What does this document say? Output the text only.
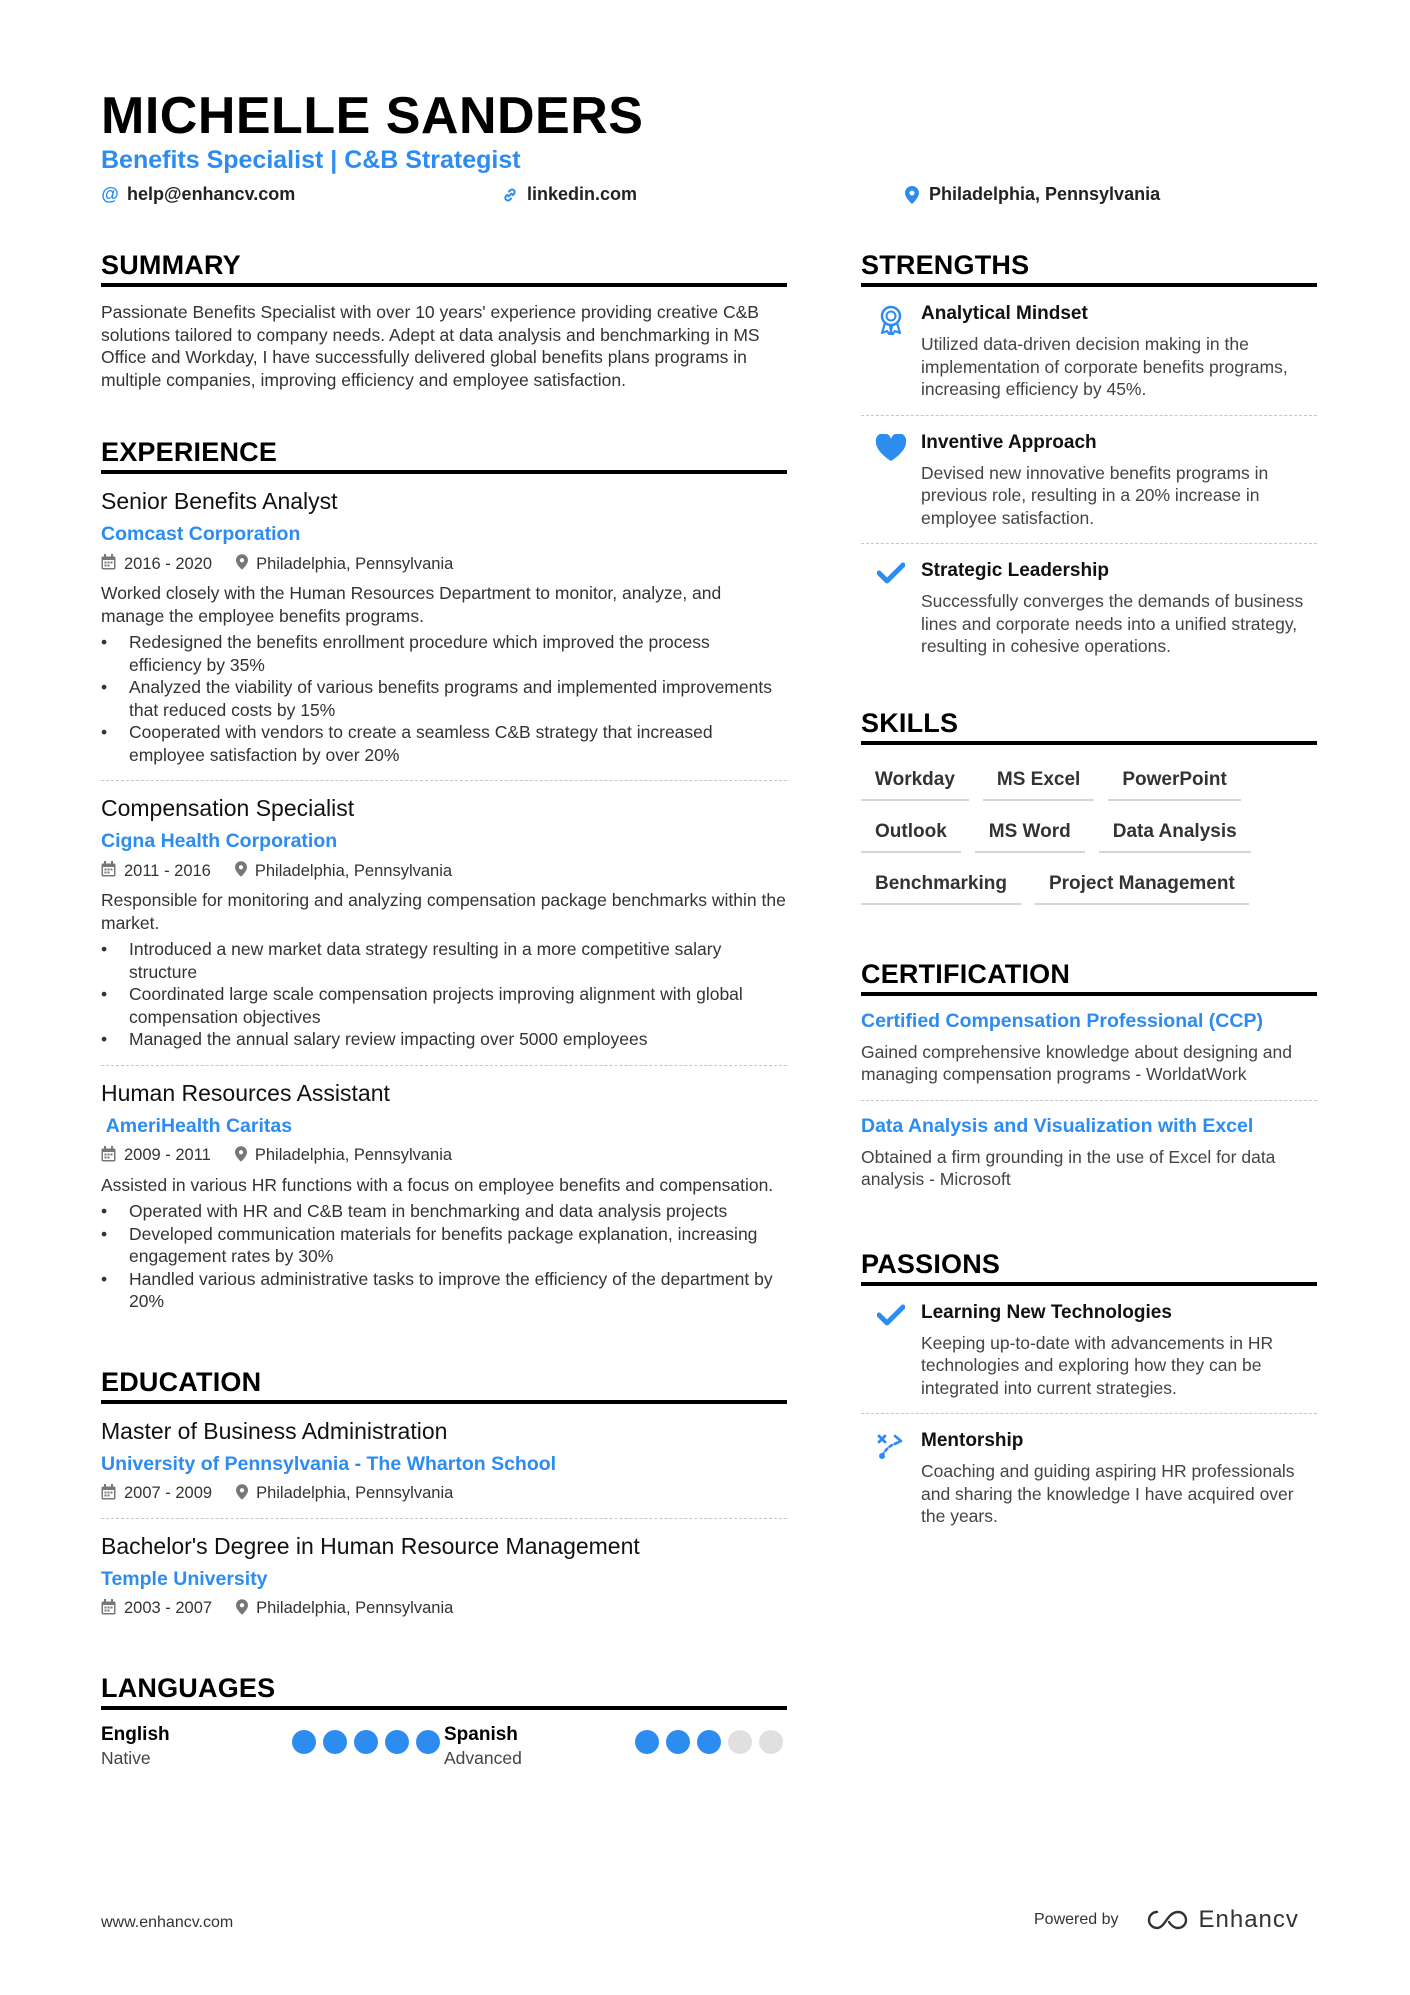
MICHELLE SANDERS
Benefits Specialist | C&B Strategist
@ help@enhancv.com	linkedin.com	Philadelphia, Pennsylvania
SUMMARY
Passionate Benefits Specialist with over 10 years' experience providing creative C&B solutions tailored to company needs. Adept at data analysis and benchmarking in MS Office and Workday, I have successfully delivered global benefits plans programs in multiple companies, improving efficiency and employee satisfaction.
EXPERIENCE
Senior Benefits Analyst
Comcast Corporation
2016 - 2020	Philadelphia, Pennsylvania
Worked closely with the Human Resources Department to monitor, analyze, and manage the employee benefits programs.
• Redesigned the benefits enrollment procedure which improved the process efficiency by 35%
• Analyzed the viability of various benefits programs and implemented improvements that reduced costs by 15%
• Cooperated with vendors to create a seamless C&B strategy that increased employee satisfaction by over 20%
Compensation Specialist
Cigna Health Corporation
2011 - 2016	Philadelphia, Pennsylvania
Responsible for monitoring and analyzing compensation package benchmarks within the market.
• Introduced a new market data strategy resulting in a more competitive salary structure
• Coordinated large scale compensation projects improving alignment with global compensation objectives
• Managed the annual salary review impacting over 5000 employees
Human Resources Assistant
AmeriHealth Caritas
2009 - 2011	Philadelphia, Pennsylvania
Assisted in various HR functions with a focus on employee benefits and compensation.
• Operated with HR and C&B team in benchmarking and data analysis projects
• Developed communication materials for benefits package explanation, increasing engagement rates by 30%
• Handled various administrative tasks to improve the efficiency of the department by 20%
EDUCATION
Master of Business Administration
University of Pennsylvania - The Wharton School
2007 - 2009	Philadelphia, Pennsylvania
Bachelor's Degree in Human Resource Management
Temple University
2003 - 2007	Philadelphia, Pennsylvania
LANGUAGES
English
Native
Spanish
Advanced
STRENGTHS
Analytical Mindset
Utilized data-driven decision making in the implementation of corporate benefits programs, increasing efficiency by 45%.
Inventive Approach
Devised new innovative benefits programs in previous role, resulting in a 20% increase in employee satisfaction.
Strategic Leadership
Successfully converges the demands of business lines and corporate needs into a unified strategy, resulting in cohesive operations.
SKILLS
Workday	MS Excel	PowerPoint
Outlook	MS Word	Data Analysis
Benchmarking	Project Management
CERTIFICATION
Certified Compensation Professional (CCP)
Gained comprehensive knowledge about designing and managing compensation programs - WorldatWork
Data Analysis and Visualization with Excel
Obtained a firm grounding in the use of Excel for data analysis - Microsoft
PASSIONS
Learning New Technologies
Keeping up-to-date with advancements in HR technologies and exploring how they can be integrated into current strategies.
Mentorship
Coaching and guiding aspiring HR professionals and sharing the knowledge I have acquired over the years.
www.enhancv.com	Powered by	Enhancv
